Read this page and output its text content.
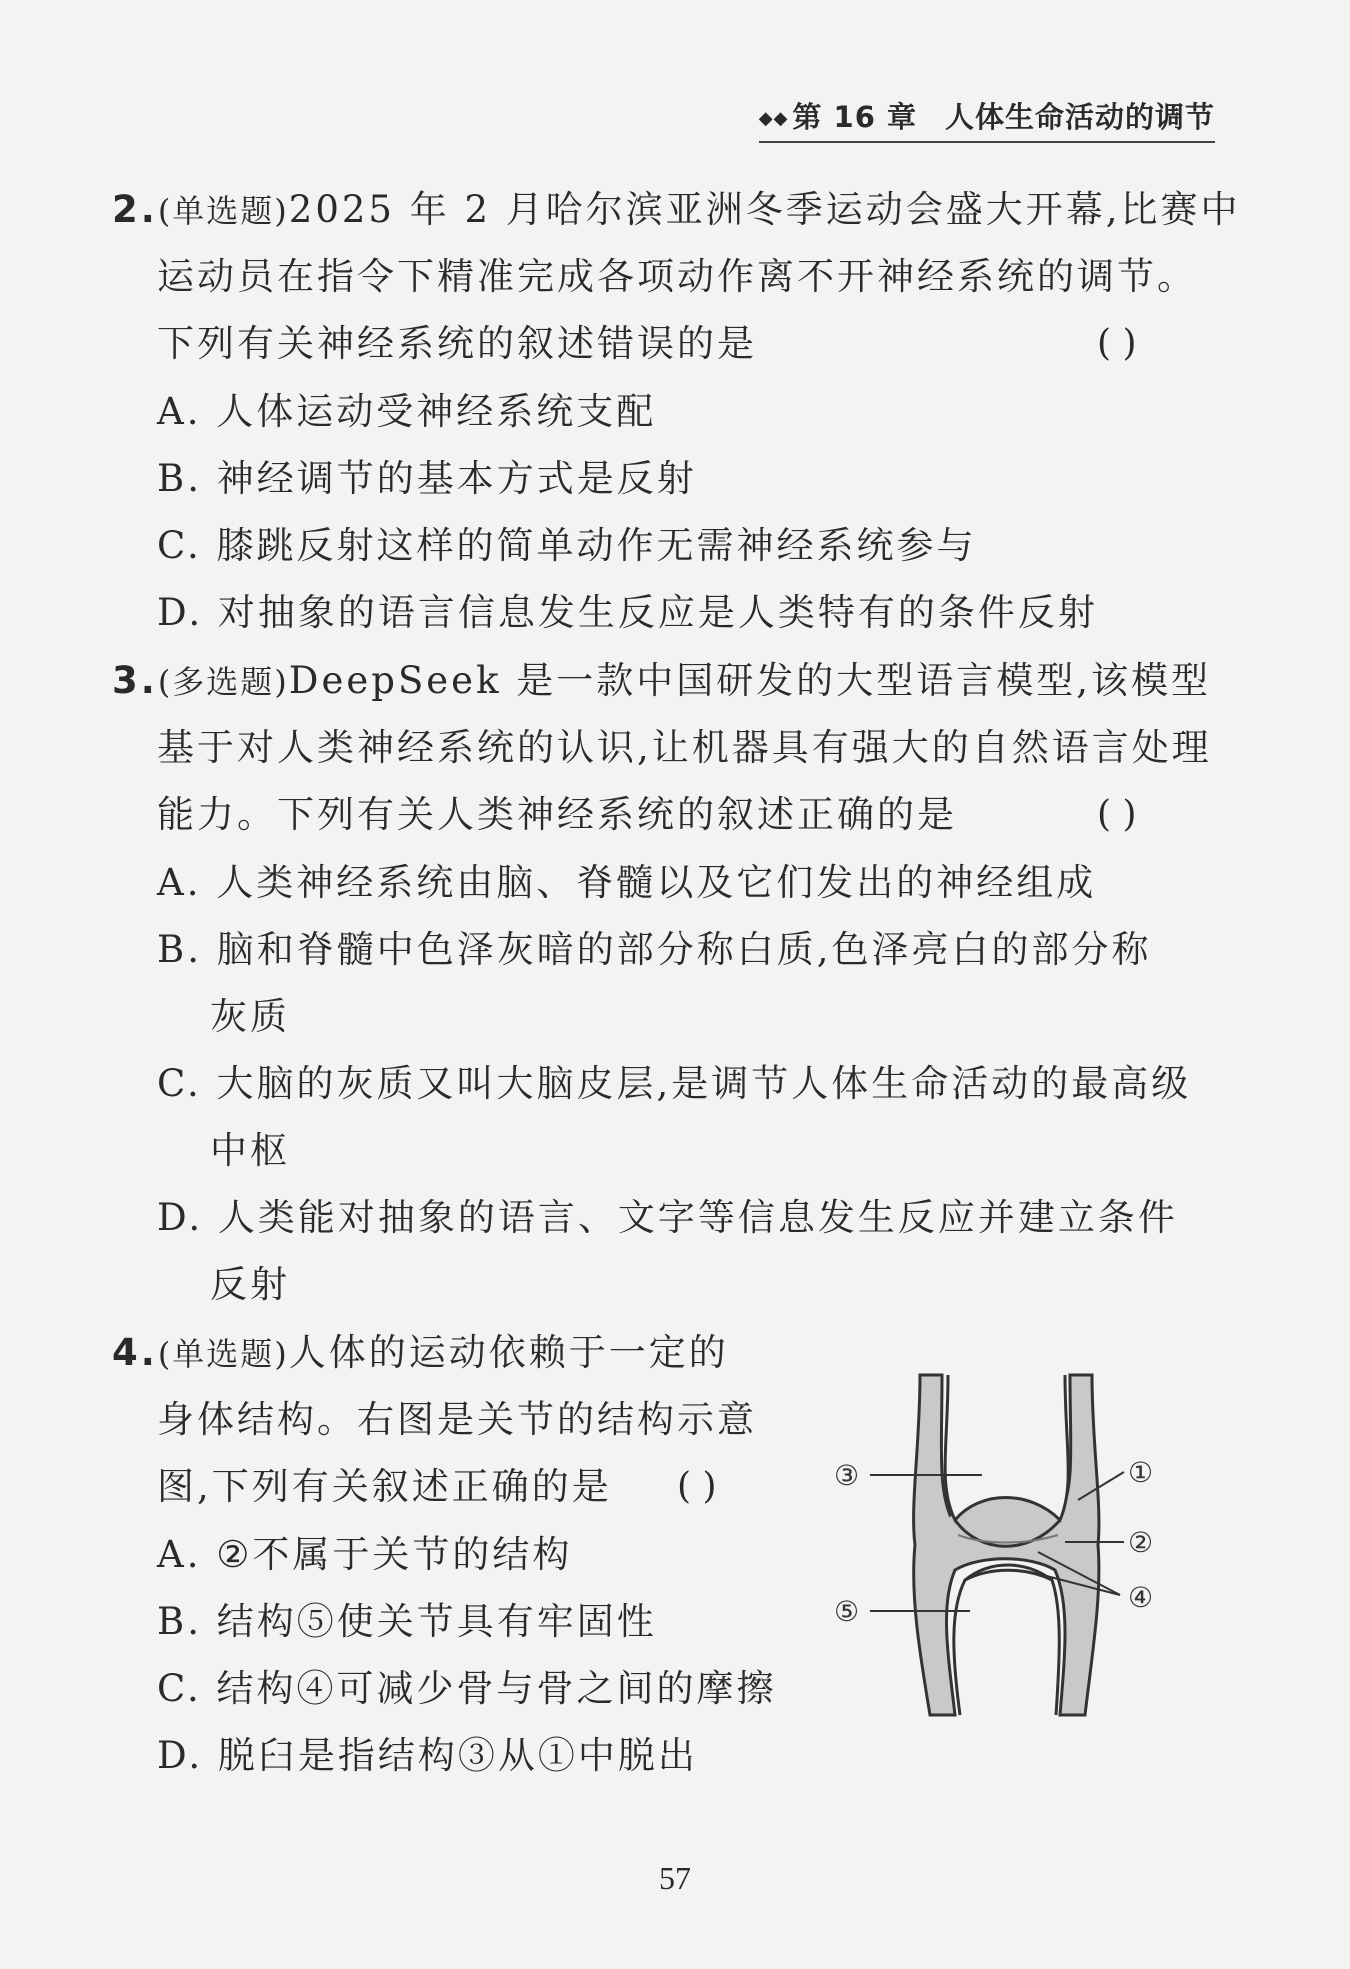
◆◆ 第 16 章 人体生命活动的调节
2.(单选题)2025 年 2 月哈尔滨亚洲冬季运动会盛大开幕,比赛中
运动员在指令下精准完成各项动作离不开神经系统的调节。
下列有关神经系统的叙述错误的是	( )
A. 人体运动受神经系统支配
B. 神经调节的基本方式是反射
C. 膝跳反射这样的简单动作无需神经系统参与
D. 对抽象的语言信息发生反应是人类特有的条件反射
3.(多选题)DeepSeek 是一款中国研发的大型语言模型,该模型
基于对人类神经系统的认识,让机器具有强大的自然语言处理
能力。下列有关人类神经系统的叙述正确的是	( )
A. 人类神经系统由脑、脊髓以及它们发出的神经组成
B. 脑和脊髓中色泽灰暗的部分称白质,色泽亮白的部分称
灰质
C. 大脑的灰质又叫大脑皮层,是调节人体生命活动的最高级
中枢
D. 人类能对抽象的语言、文字等信息发生反应并建立条件
反射
4.(单选题)人体的运动依赖于一定的
身体结构。右图是关节的结构示意
图,下列有关叙述正确的是 ( )
A. ②不属于关节的结构
B. 结构⑤使关节具有牢固性
C. 结构④可减少骨与骨之间的摩擦
D. 脱臼是指结构③从①中脱出
③
⑤
①
②
④
57
